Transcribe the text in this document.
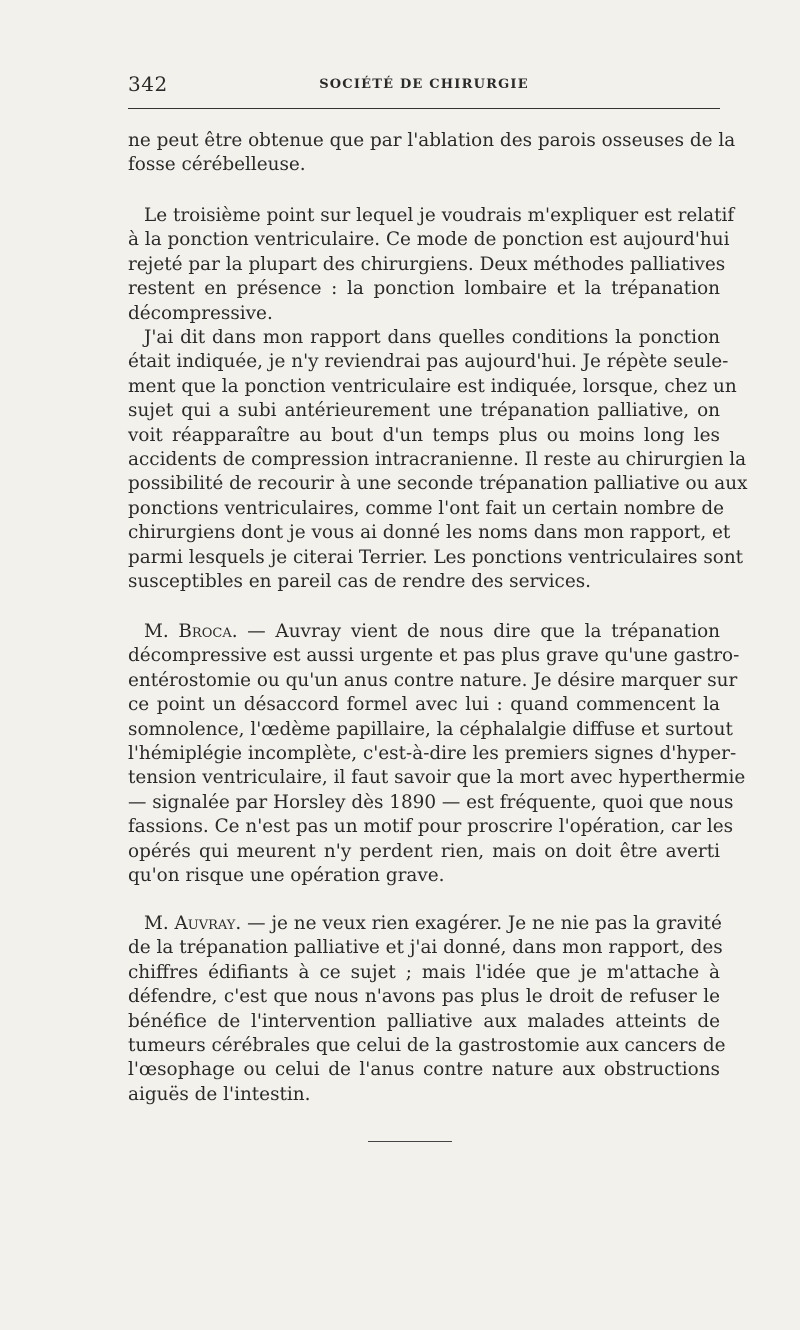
342	SOCIÉTÉ DE CHIRURGIE
ne peut être obtenue que par l'ablation des parois osseuses de la
fosse cérébelleuse.
Le troisième point sur lequel je voudrais m'expliquer est relatif
à la ponction ventriculaire. Ce mode de ponction est aujourd'hui
rejeté par la plupart des chirurgiens. Deux méthodes palliatives
restent en présence : la ponction lombaire et la trépanation
décompressive.
J'ai dit dans mon rapport dans quelles conditions la ponction
était indiquée, je n'y reviendrai pas aujourd'hui. Je répète seule-
ment que la ponction ventriculaire est indiquée, lorsque, chez un
sujet qui a subi antérieurement une trépanation palliative, on
voit réapparaître au bout d'un temps plus ou moins long les
accidents de compression intracranienne. Il reste au chirurgien la
possibilité de recourir à une seconde trépanation palliative ou aux
ponctions ventriculaires, comme l'ont fait un certain nombre de
chirurgiens dont je vous ai donné les noms dans mon rapport, et
parmi lesquels je citerai Terrier. Les ponctions ventriculaires sont
susceptibles en pareil cas de rendre des services.
M. Broca. — Auvray vient de nous dire que la trépanation
décompressive est aussi urgente et pas plus grave qu'une gastro-
entérostomie ou qu'un anus contre nature. Je désire marquer sur
ce point un désaccord formel avec lui : quand commencent la
somnolence, l'œdème papillaire, la céphalalgie diffuse et surtout
l'hémiplégie incomplète, c'est-à-dire les premiers signes d'hyper-
tension ventriculaire, il faut savoir que la mort avec hyperthermie
— signalée par Horsley dès 1890 — est fréquente, quoi que nous
fassions. Ce n'est pas un motif pour proscrire l'opération, car les
opérés qui meurent n'y perdent rien, mais on doit être averti
qu'on risque une opération grave.
M. Auvray. — je ne veux rien exagérer. Je ne nie pas la gravité
de la trépanation palliative et j'ai donné, dans mon rapport, des
chiffres édifiants à ce sujet ; mais l'idée que je m'attache à
défendre, c'est que nous n'avons pas plus le droit de refuser le
bénéfice de l'intervention palliative aux malades atteints de
tumeurs cérébrales que celui de la gastrostomie aux cancers de
l'œsophage ou celui de l'anus contre nature aux obstructions
aiguës de l'intestin.
